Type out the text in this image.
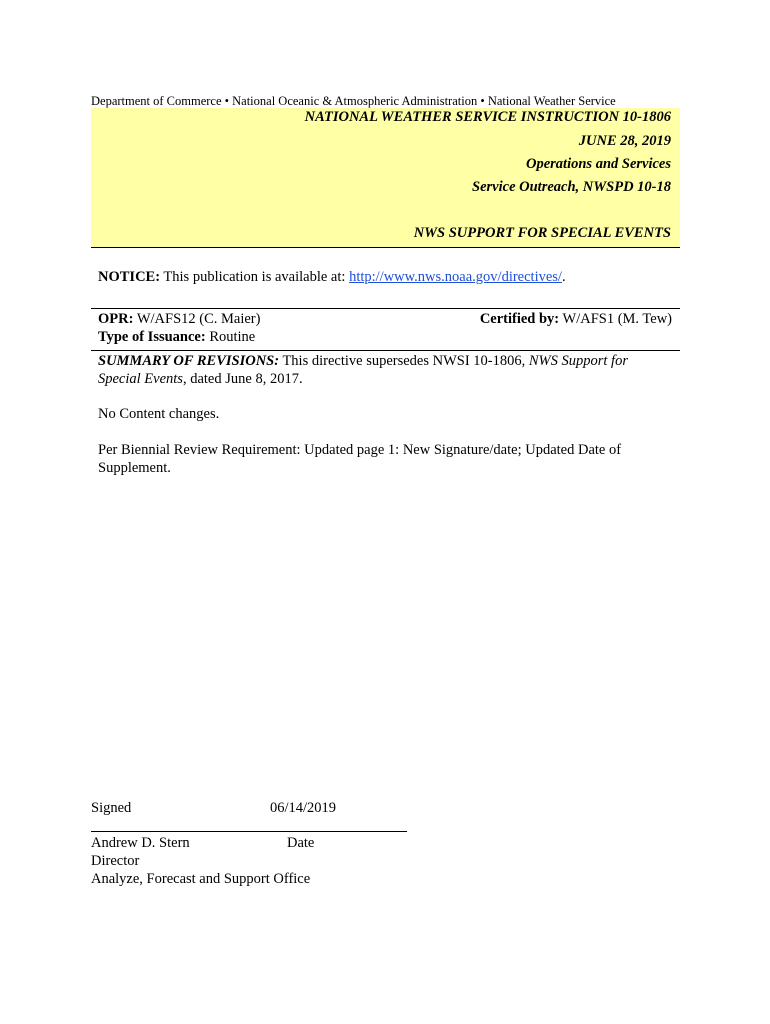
Department of Commerce • National Oceanic & Atmospheric Administration • National Weather Service
NATIONAL WEATHER SERVICE INSTRUCTION 10-1806
JUNE 28, 2019
Operations and Services
Service Outreach, NWSPD 10-18
NWS SUPPORT FOR SPECIAL EVENTS
NOTICE: This publication is available at: http://www.nws.noaa.gov/directives/.
OPR: W/AFS12 (C. Maier)
Type of Issuance: Routine
Certified by: W/AFS1 (M. Tew)
SUMMARY OF REVISIONS: This directive supersedes NWSI 10-1806, NWS Support for Special Events, dated June 8, 2017.
No Content changes.
Per Biennial Review Requirement: Updated page 1: New Signature/date; Updated Date of Supplement.
Signed	06/14/2019
Andrew D. Stern	Date
Director
Analyze, Forecast and Support Office
